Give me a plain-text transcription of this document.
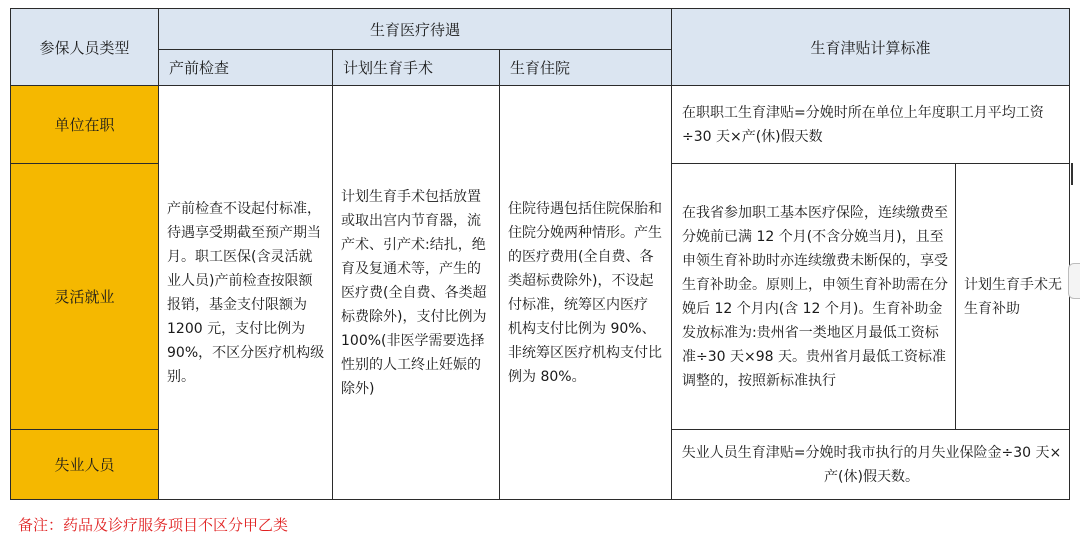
参保人员类型
生育医疗待遇
产前检查	计划生育手术	生育住院
生育津贴计算标准
单位在职
灵活就业
失业人员
产前检查不设起付标准，待遇享受期截至预产期当月。职工医保(含灵活就业人员)产前检查按限额报销，基金支付限额为 1200 元，支付比例为 90%，不区分医疗机构级别。
计划生育手术包括放置或取出宫内节育器，流产术、引产术:结扎，绝育及复通术等，产生的医疗费(全自费、各类超标费除外)，支付比例为100%(非医学需要选择性别的人工终止妊娠的除外)
住院待遇包括住院保胎和住院分娩两种情形。产生的医疗费用(全自费、各类超标费除外)，不设起付标准，统筹区内医疗
机构支付比例为 90%、非统筹区医疗机构支付比例为 80%。
在职职工生育津贴=分娩时所在单位上年度职工月平均工资÷30 天×产(休)假天数
在我省参加职工基本医疗保险，连续缴费至分娩前已满 12 个月(不含分娩当月)，且至申领生育补助时亦连续缴费未断保的，享受生育补助金。原则上，申领生育补助需在分娩后 12 个月内(含 12 个月)。生育补助金发放标准为:贵州省一类地区月最低工资标准÷30 天×98 天。贵州省月最低工资标准调整的，按照新标准执行
计划生育手术无生育补助
失业人员生育津贴=分娩时我市执行的月失业保险金÷30 天×产(休)假天数。
备注：药品及诊疗服务项目不区分甲乙类
